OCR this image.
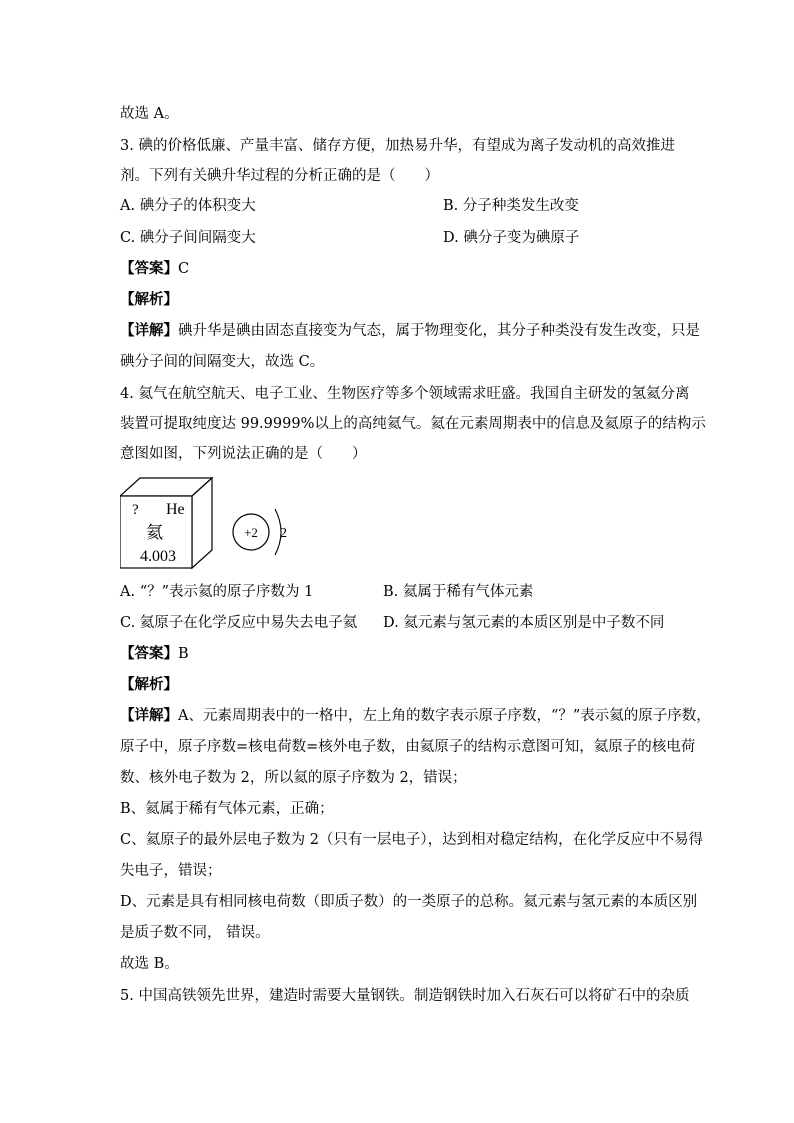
故选 A。
3. 碘的价格低廉、产量丰富、储存方便，加热易升华，有望成为离子发动机的高效推进
剂。下列有关碘升华过程的分析正确的是（　　）
A. 碘分子的体积变大	B. 分子种类发生改变
C. 碘分子间间隔变大	D. 碘分子变为碘原子
【答案】C
【解析】
【详解】碘升华是碘由固态直接变为气态，属于物理变化，其分子种类没有发生改变，只是
碘分子间的间隔变大，故选 C。
4. 氦气在航空航天、电子工业、生物医疗等多个领域需求旺盛。我国自主研发的氢氦分离
装置可提取纯度达 99.9999%以上的高纯氦气。氦在元素周期表中的信息及氦原子的结构示
意图如图，下列说法正确的是（　　）
? He
氦
4.003
+2 2
A. “？”表示氦的原子序数为 1	B. 氦属于稀有气体元素
C. 氦原子在化学反应中易失去电子氦 D. 氦元素与氢元素的本质区别是中子数不同
【答案】B
【解析】
【详解】A、元素周期表中的一格中，左上角的数字表示原子序数，“？”表示氦的原子序数，
原子中，原子序数=核电荷数=核外电子数，由氦原子的结构示意图可知，氦原子的核电荷
数、核外电子数为 2，所以氦的原子序数为 2，错误；
B、氦属于稀有气体元素，正确；
C、氦原子的最外层电子数为 2（只有一层电子），达到相对稳定结构，在化学反应中不易得
失电子，错误；
D、元素是具有相同核电荷数（即质子数）的一类原子的总称。氦元素与氢元素的本质区别
是质子数不同， 错误。
故选 B。
5. 中国高铁领先世界，建造时需要大量钢铁。制造钢铁时加入石灰石可以将矿石中的杂质
